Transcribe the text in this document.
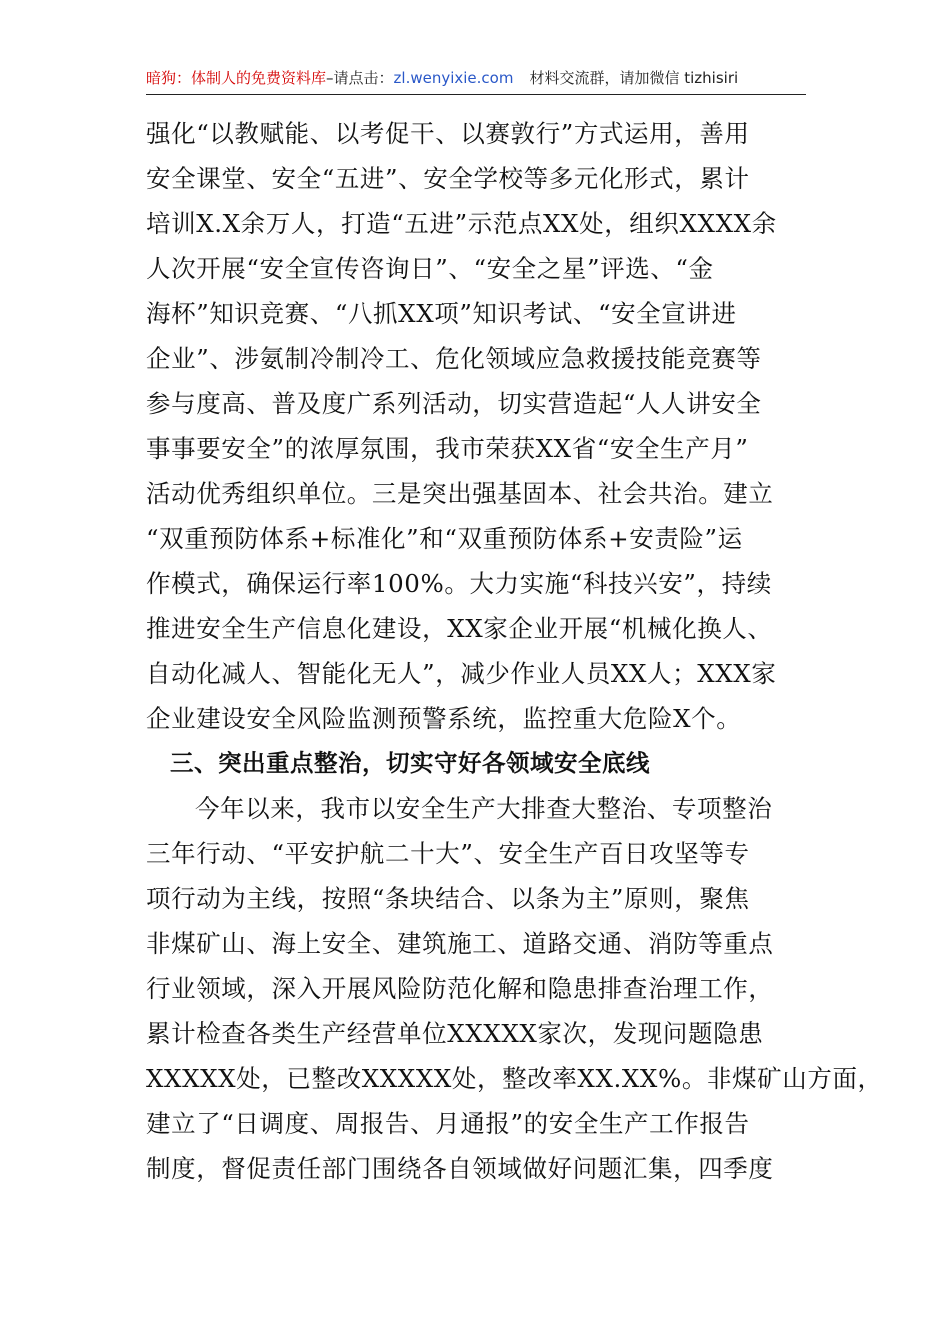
暗狗：体制人的免费资料库–请点击：zl.wenyixie.com 材料交流群，请加微信 tizhisiri
强化“以教赋能、以考促干、以赛敦行”方式运用，善用
安全课堂、安全“五进”、安全学校等多元化形式，累计
培训X.X余万人，打造“五进”示范点XX处，组织XXXX余
人次开展“安全宣传咨询日”、“安全之星”评选、“金
海杯”知识竞赛、“八抓XX项”知识考试、“安全宣讲进
企业”、涉氨制冷制冷工、危化领域应急救援技能竞赛等
参与度高、普及度广系列活动，切实营造起“人人讲安全
事事要安全”的浓厚氛围，我市荣获XX省“安全生产月”
活动优秀组织单位。三是突出强基固本、社会共治。建立
“双重预防体系+标准化”和“双重预防体系+安责险”运
作模式，确保运行率100%。大力实施“科技兴安”，持续
推进安全生产信息化建设，XX家企业开展“机械化换人、
自动化减人、智能化无人”，减少作业人员XX人；XXX家
企业建设安全风险监测预警系统，监控重大危险X个。
三、突出重点整治，切实守好各领域安全底线
今年以来，我市以安全生产大排查大整治、专项整治
三年行动、“平安护航二十大”、安全生产百日攻坚等专
项行动为主线，按照“条块结合、以条为主”原则，聚焦
非煤矿山、海上安全、建筑施工、道路交通、消防等重点
行业领域，深入开展风险防范化解和隐患排查治理工作，
累计检查各类生产经营单位XXXXX家次，发现问题隐患
XXXXX处，已整改XXXXX处，整改率XX.XX%。非煤矿山方面，
建立了“日调度、周报告、月通报”的安全生产工作报告
制度，督促责任部门围绕各自领域做好问题汇集，四季度
